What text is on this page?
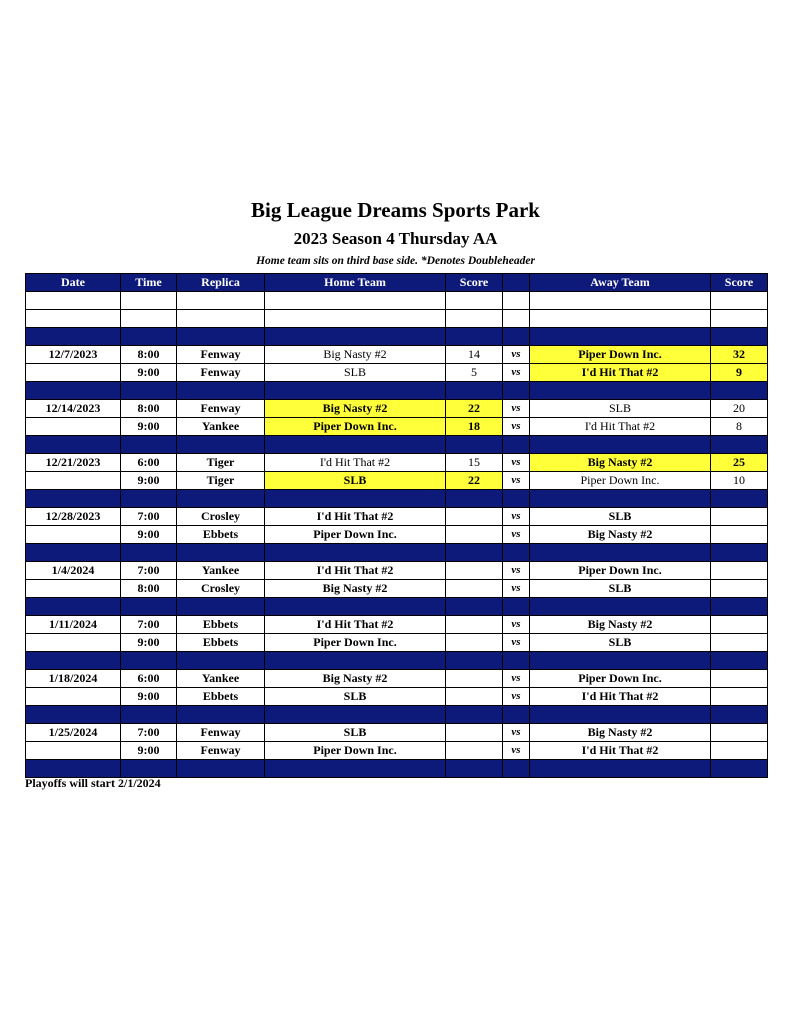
Big League Dreams Sports Park
2023 Season 4 Thursday AA
Home team sits on third base side. *Denotes Doubleheader
Date	Time	Replica	Home Team	Score		Away Team	Score

12/7/2023	8:00	Fenway	Big Nasty #2	14	vs	Piper Down Inc.	32
	9:00	Fenway	SLB	5	vs	I'd Hit That #2	9

12/14/2023	8:00	Fenway	Big Nasty #2	22	vs	SLB	20
	9:00	Yankee	Piper Down Inc.	18	vs	I'd Hit That #2	8

12/21/2023	6:00	Tiger	I'd Hit That #2	15	vs	Big Nasty #2	25
	9:00	Tiger	SLB	22	vs	Piper Down Inc.	10

12/28/2023	7:00	Crosley	I'd Hit That #2		vs	SLB	
	9:00	Ebbets	Piper Down Inc.		vs	Big Nasty #2	

1/4/2024	7:00	Yankee	I'd Hit That #2		vs	Piper Down Inc.	
	8:00	Crosley	Big Nasty #2		vs	SLB	

1/11/2024	7:00	Ebbets	I'd Hit That #2		vs	Big Nasty #2	
	9:00	Ebbets	Piper Down Inc.		vs	SLB	

1/18/2024	6:00	Yankee	Big Nasty #2		vs	Piper Down Inc.	
	9:00	Ebbets	SLB		vs	I'd Hit That #2	

1/25/2024	7:00	Fenway	SLB		vs	Big Nasty #2	
	9:00	Fenway	Piper Down Inc.		vs	I'd Hit That #2	

Playoffs will start 2/1/2024
